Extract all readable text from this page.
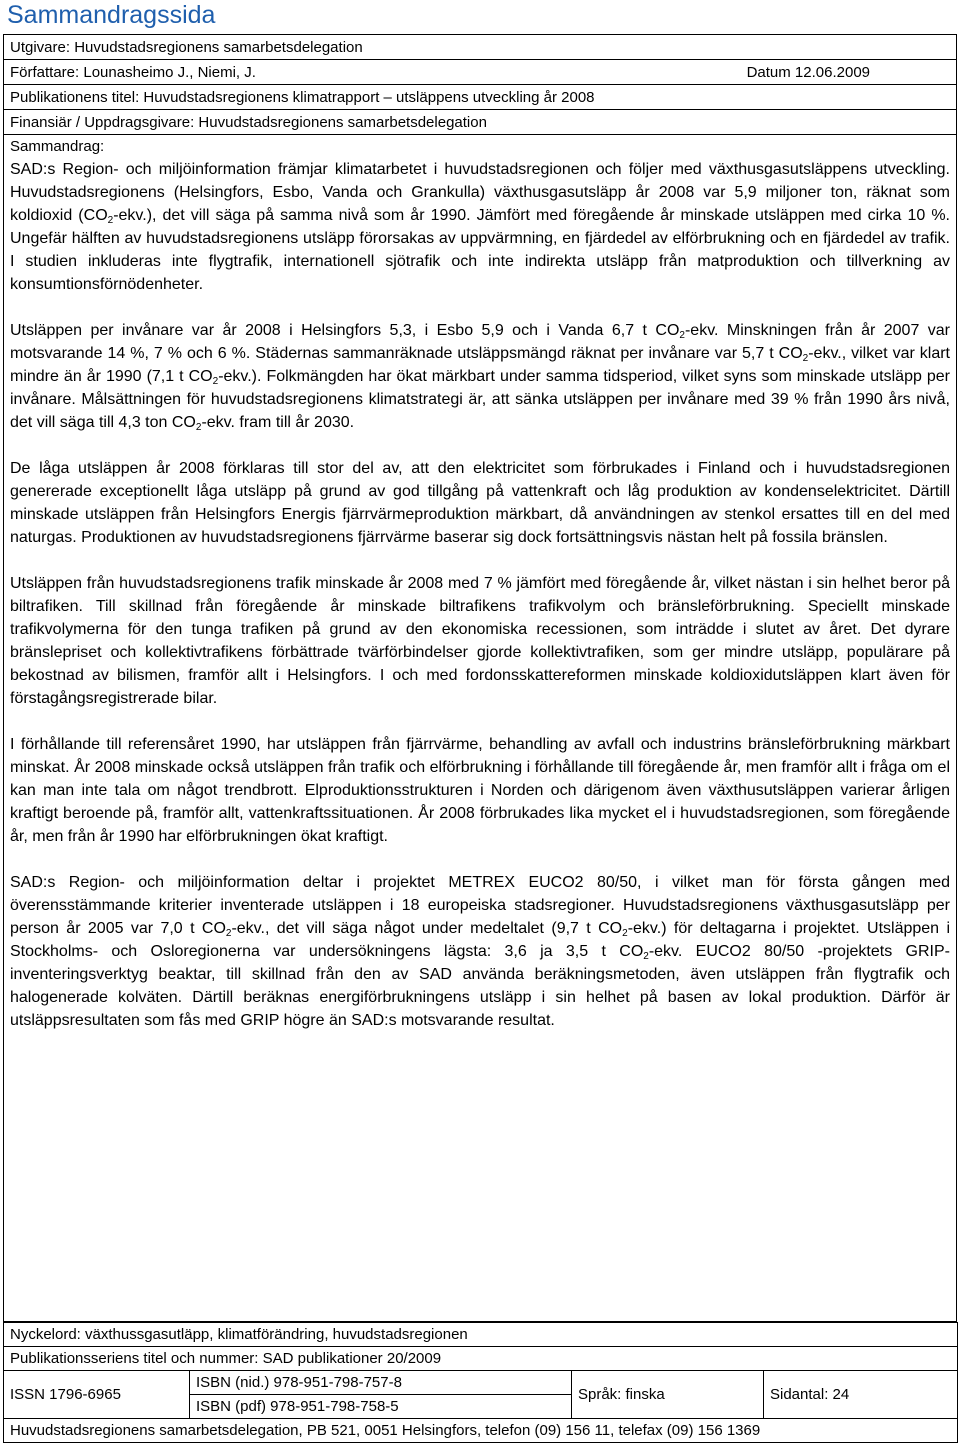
Sammandragssida
Utgivare: Huvudstadsregionens samarbetsdelegation

Författare: Lounasheimo J., Niemi, J.	Datum 12.06.2009

Publikationens titel: Huvudstadsregionens klimatrapport – utsläppens utveckling år 2008
Finansiär / Uppdragsgivare: Huvudstadsregionens samarbetsdelegation
Sammandrag:

SAD:s Region- och miljöinformation främjar klimatarbetet i huvudstadsregionen och följer med växthusgasutsläppens utveckling. Huvudstadsregionens (Helsingfors, Esbo, Vanda och Grankulla) växthusgasutsläpp år 2008 var 5,9 miljoner ton, räknat som koldioxid $(CO_2-ekv.)$, det vill säga på samma nivå som år 1990. Jämfört med föregående år minskade utsläppen med cirka 10 %. Ungefär hälften av huvudstadsregionens utsläpp förorsakas av uppvärmning, en fjärdedel av elförbrukning och en fjärdedel av trafik. I studien inkluderas inte flygtrafik, internationell sjötrafik och inte indirekta utsläpp från matproduktion och tillverkning av konsumtionsförnödenheter.

Utsläppen per invånare var år 2008 i Helsingfors 5,3, i Esbo 5,9 och i Vanda 6,7 t $CO_2$-ekv. Minskningen från år 2007 var motsvarande 14 %, 7 % och 6 %. Städernas sammanräknade utsläppsmängd räknat per invånare var 5,7 t $CO_2$-ekv., vilket var klart mindre än år 1990 (7,1 t $CO_2-ekv$.). Folkmängden har ökat märkbart under samma tidsperiod, vilket syns som minskade utsläpp per invånare. Målsättningen för huvudstadsregionens klimatstrategi är, att sänka utsläppen per invånare med 39 % från 1990 års nivå, det vill säga till 4,3 ton $CO_2$-ekv. fram till år 2030.

De låga utsläppen år 2008 förklaras till stor del av, att den elektricitet som förbrukades i Finland och i huvudstadsregionen genererade exceptionellt låga utsläpp på grund av god tillgång på vattenkraft och låg produktion av kondenselektricitet. Därtill minskade utsläppen från Helsingfors Energis fjärrvärmeproduktion märkbart, då användningen av stenkol ersattes till en del med naturgas. Produktionen av huvudstadsregionens fjärrvärme baserar sig dock fortsättningsvis nästan helt på fossila bränslen.

Utsläppen från huvudstadsregionens trafik minskade år 2008 med 7 % jämfört med föregående år, vilket nästan i sin helhet beror på biltrafiken. Till skillnad från föregående år minskade biltrafikens trafikvolym och bränsleförbrukning. Speciellt minskade trafikvolymerna för den tunga trafiken på grund av den ekonomiska recessionen, som inträdde i slutet av året. Det dyrare bränslepriset och kollektivtrafikens förbättrade tvärförbindelser gjorde kollektivtrafiken, som ger mindre utsläpp, populärare på bekostnad av bilismen, framför allt i Helsingfors. I och med fordonsskattereformen minskade koldioxidutsläppen klart även för förstagångsregistrerade bilar.

I förhållande till referensåret 1990, har utsläppen från fjärrvärme, behandling av avfall och industrins bränsleförbrukning märkbart minskat. År 2008 minskade också utsläppen från trafik och elförbrukning i förhållande till föregående år, men framför allt i fråga om el kan man inte tala om något trendbrott. Elproduktionsstrukturen i Norden och därigenom även växthusutsläppen varierar årligen kraftigt beroende på, framför allt, vattenkraftssituationen. År 2008 förbrukades lika mycket el i huvudstadsregionen, som föregående år, men från år 1990 har elförbrukningen ökat kraftigt.

SAD:s Region- och miljöinformation deltar i projektet METREX EUCO2 80/50, i vilket man för första gången med överensstämmande kriterier inventerade utsläppen i 18 europeiska stadsregioner. Huvudstadsregionens växthusgasutsläpp per person år 2005 var 7,0 t $CO_2$-ekv., det vill säga något under medeltalet (9,7 t $CO_2-ekv$.) för deltagarna i projektet. Utsläppen i Stockholms- och Osloregionerna var undersökningens lägsta: 3,6 ja 3,5 t $CO_2$-ekv. EUCO2 80/50 -projektets GRIP-inventeringsverktyg beaktar, till skillnad från den av SAD använda beräkningsmetoden, även utsläppen från flygtrafik och halogenerade kolväten. Därtill beräknas energiförbrukningens utsläpp i sin helhet på basen av lokal produktion. Därför är utsläppsresultaten som fås med GRIP högre än SAD:s motsvarande resultat.

Nyckelord: växthussgasutläpp, klimatförändring, huvudstadsregionen
Publikationsseriens titel och nummer: SAD publikationer 20/2009
ISSN 1796-6965	ISBN (nid.) 978-951-798-757-8	Språk: finska	Sidantal: 24
ISBN (pdf) 978-951-798-758-5
Huvudstadsregionens samarbetsdelegation, PB 521, 0051 Helsingfors, telefon (09) 156 11, telefax (09) 156 1369
